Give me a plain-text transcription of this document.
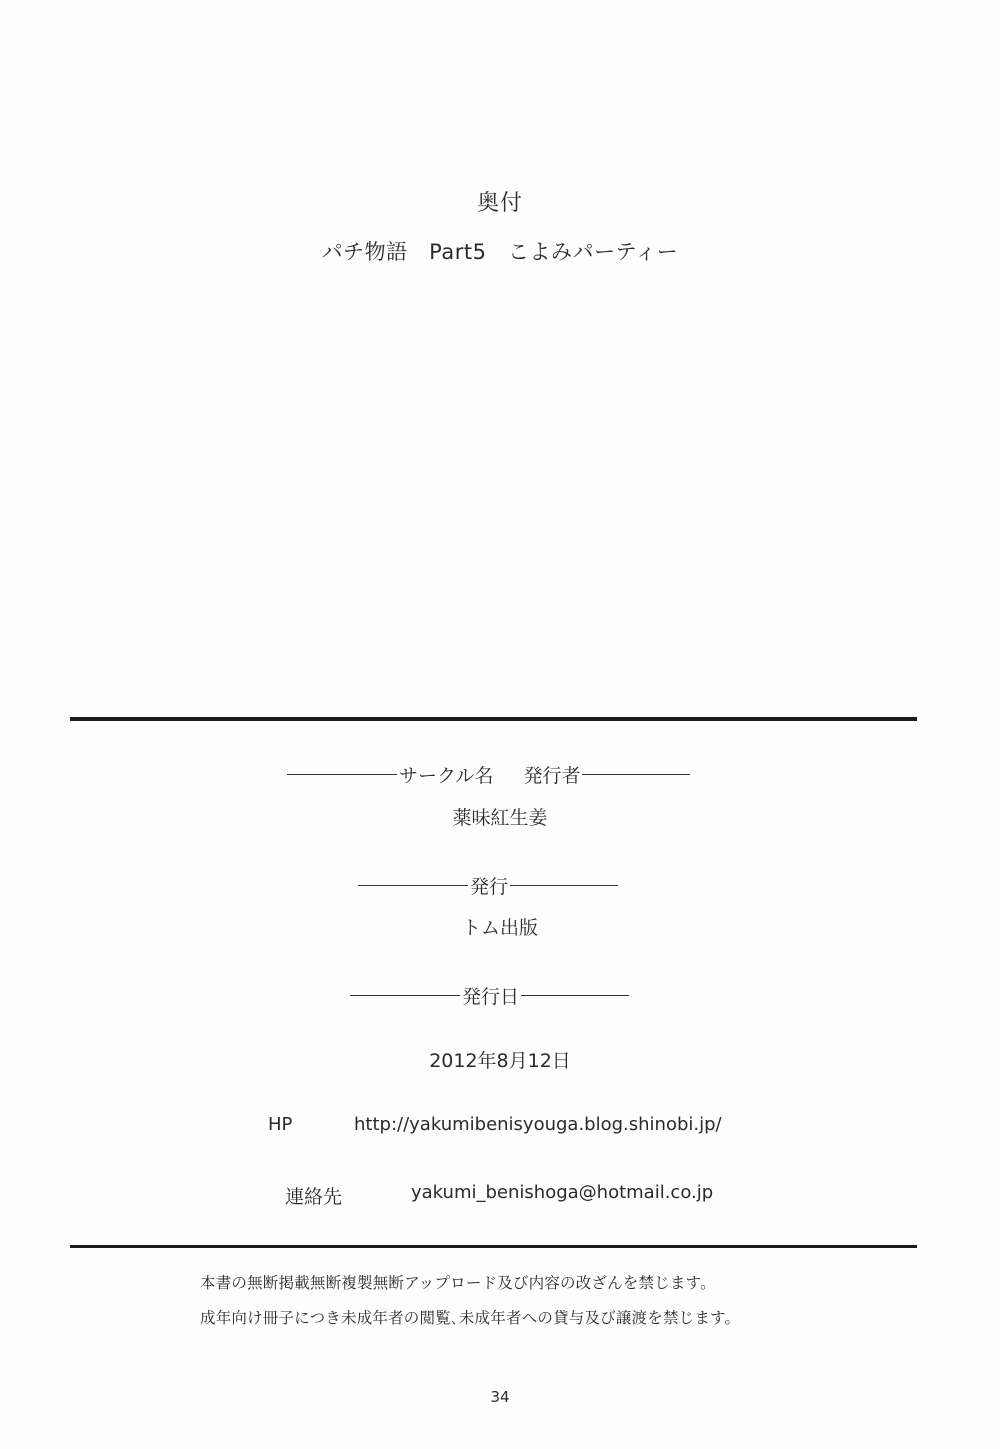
奥付
パチ物語　Part5　こよみパーティー
サークル名 発行者
薬味紅生姜
発行
トム出版
発行日
2012年8月12日
HP	http://yakumibenisyouga.blog.shinobi.jp/
連絡先	yakumi_benishoga@hotmail.co.jp
本書の無断掲載無断複製無断アップロード及び内容の改ざんを禁じます。
成年向け冊子につき未成年者の閲覧､未成年者への貸与及び譲渡を禁じます。
34
